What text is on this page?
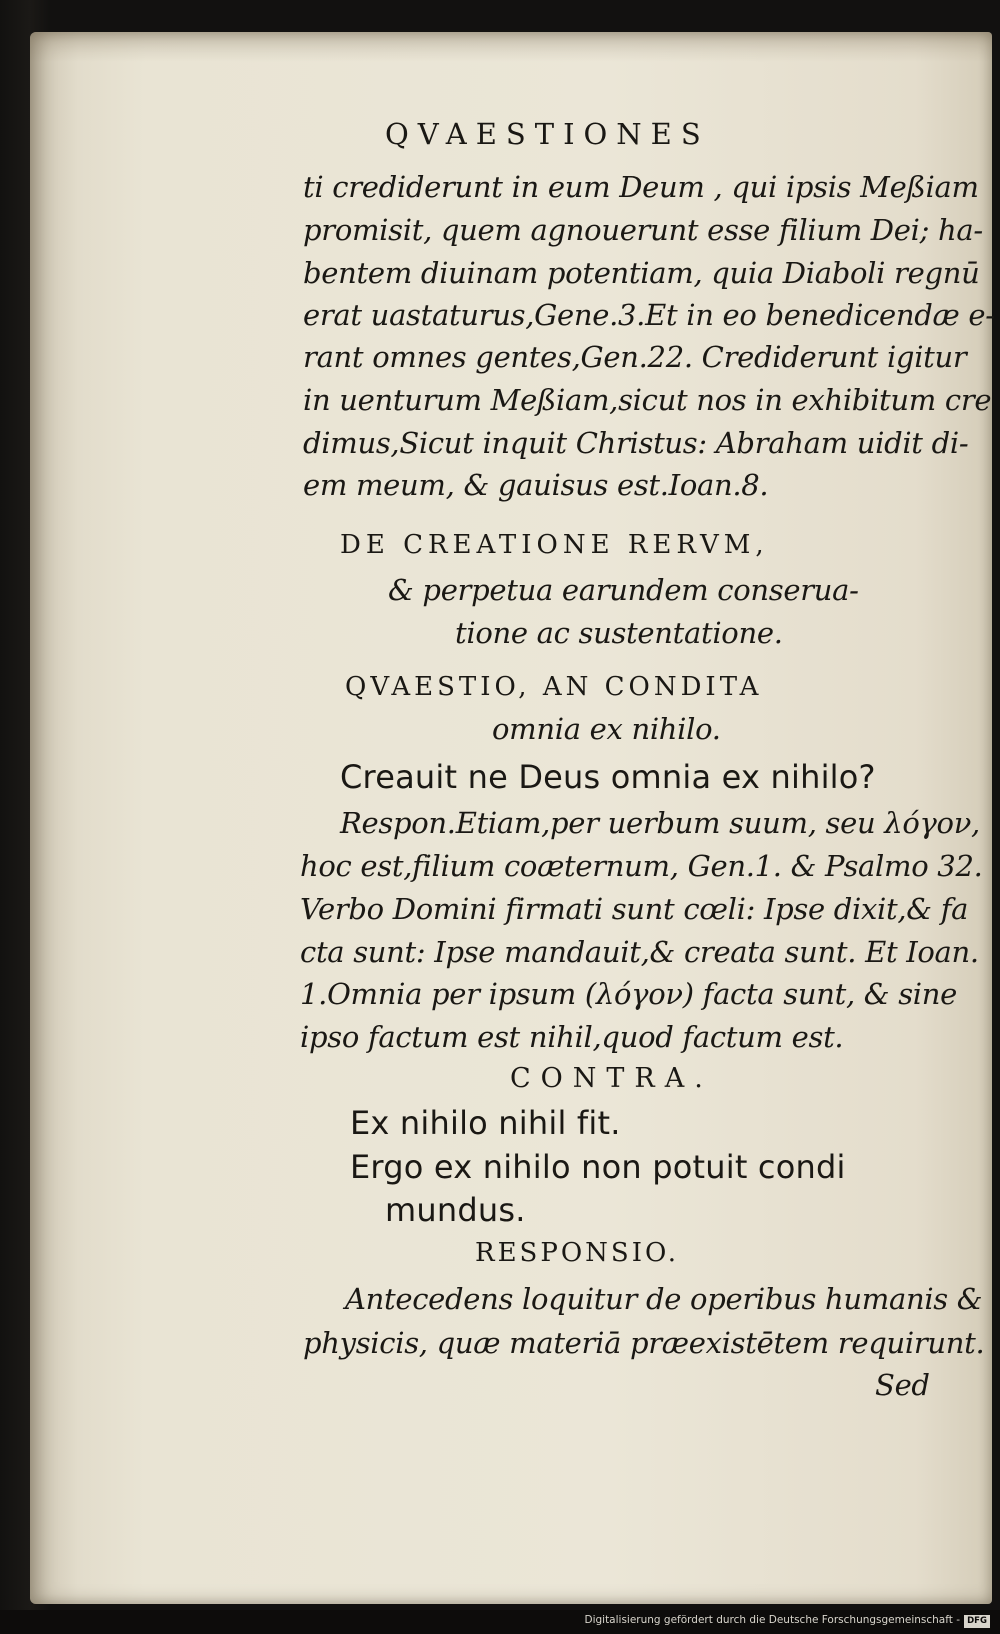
QVAESTIONES

ti crediderunt in eum Deum , qui ipsis Meßiam

promisit, quem agnouerunt esse filium Dei; ha-

bentem diuinam potentiam, quia Diaboli regnū

erat uastaturus,Gene.3.Et in eo benedicendæ e-

rant omnes gentes,Gen.22. Crediderunt igitur

in uenturum Meßiam,sicut nos in exhibitum cre

dimus,Sicut inquit Christus: Abraham uidit di-

em meum, & gauisus est.Ioan.8.

DE CREATIONE RERVM,

& perpetua earundem conserua-

tione ac sustentatione.

QVAESTIO, AN CONDITA

omnia ex nihilo.

Creauit ne Deus omnia ex nihilo?

Respon.Etiam,per uerbum suum, seu λόγον,

hoc est,filium coæternum, Gen.1. & Psalmo 32.

Verbo Domini firmati sunt cœli: Ipse dixit,& fa

cta sunt: Ipse mandauit,& creata sunt. Et Ioan.

1.Omnia per ipsum (λόγον) facta sunt, & sine

ipso factum est nihil,quod factum est.

CONTRA.

Ex nihilo nihil fit.

Ergo ex nihilo non potuit condi

mundus.

RESPONSIO.

Antecedens loquitur de operibus humanis &

physicis, quæ materiā præexistētem requirunt.

Sed

Digitalisierung gefördert durch die Deutsche Forschungsgemeinschaft - DFG
